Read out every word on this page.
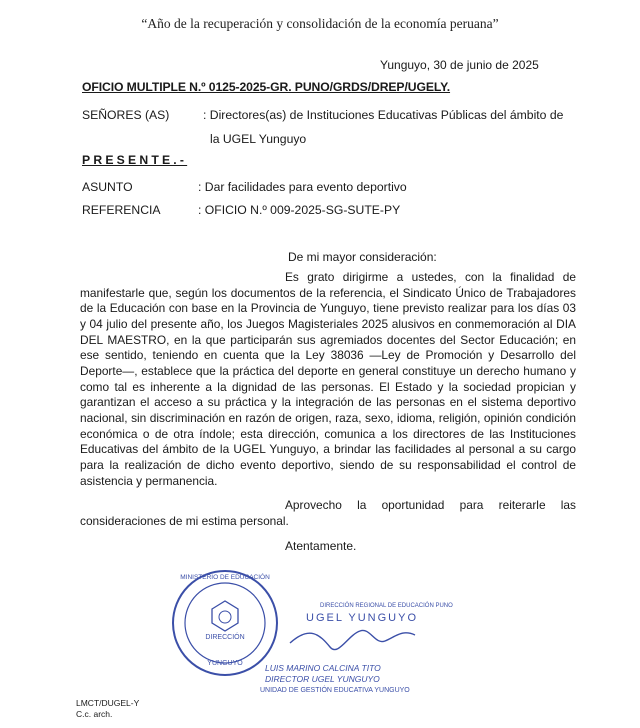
“Año de la recuperación y consolidación de la economía peruana”
Yunguyo, 30 de junio de 2025
OFICIO MULTIPLE N.º 0125-2025-GR. PUNO/GRDS/DREP/UGELY.
SEÑORES (AS)	: Directores(as) de Instituciones Educativas Públicas del ámbito de
la UGEL Yunguyo
PRESENTE.-
ASUNTO	: Dar facilidades para evento deportivo
REFERENCIA	: OFICIO N.º 009-2025-SG-SUTE-PY
De mi mayor consideración:
Es grato dirigirme a ustedes, con la finalidad de manifestarle que, según los documentos de la referencia, el Sindicato Único de Trabajadores de la Educación con base en la Provincia de Yunguyo, tiene previsto realizar para los días 03 y 04 julio del presente año, los Juegos Magisteriales 2025 alusivos en conmemoración al DIA DEL MAESTRO, en la que participarán sus agremiados docentes del Sector Educación; en ese sentido, teniendo en cuenta que la Ley 38036 —Ley de Promoción y Desarrollo del Deporte—, establece que la práctica del deporte en general constituye un derecho humano y como tal es inherente a la dignidad de las personas. El Estado y la sociedad propician y garantizan el acceso a su práctica y la integración de las personas en el sistema deportivo nacional, sin discriminación en razón de origen, raza, sexo, idioma, religión, opinión condición económica o de otra índole; esta dirección, comunica a los directores de las Instituciones Educativas del ámbito de la UGEL Yunguyo, a brindar las facilidades al personal a su cargo para la realización de dicho evento deportivo, siendo de su responsabilidad el control de asistencia y permanencia.
Aprovecho la oportunidad para reiterarle las consideraciones de mi estima personal.
Atentamente.
DIRECCIÓN
MINISTERIO DE EDUCACIÓN
YUNGUYO
DIRECCIÓN REGIONAL DE EDUCACIÓN PUNO
UGEL YUNGUYO
LUIS MARINO CALCINA TITO
DIRECTOR UGEL YUNGUYO
UNIDAD DE GESTIÓN EDUCATIVA YUNGUYO
LMCT/DUGEL-Y
C.c. arch.
